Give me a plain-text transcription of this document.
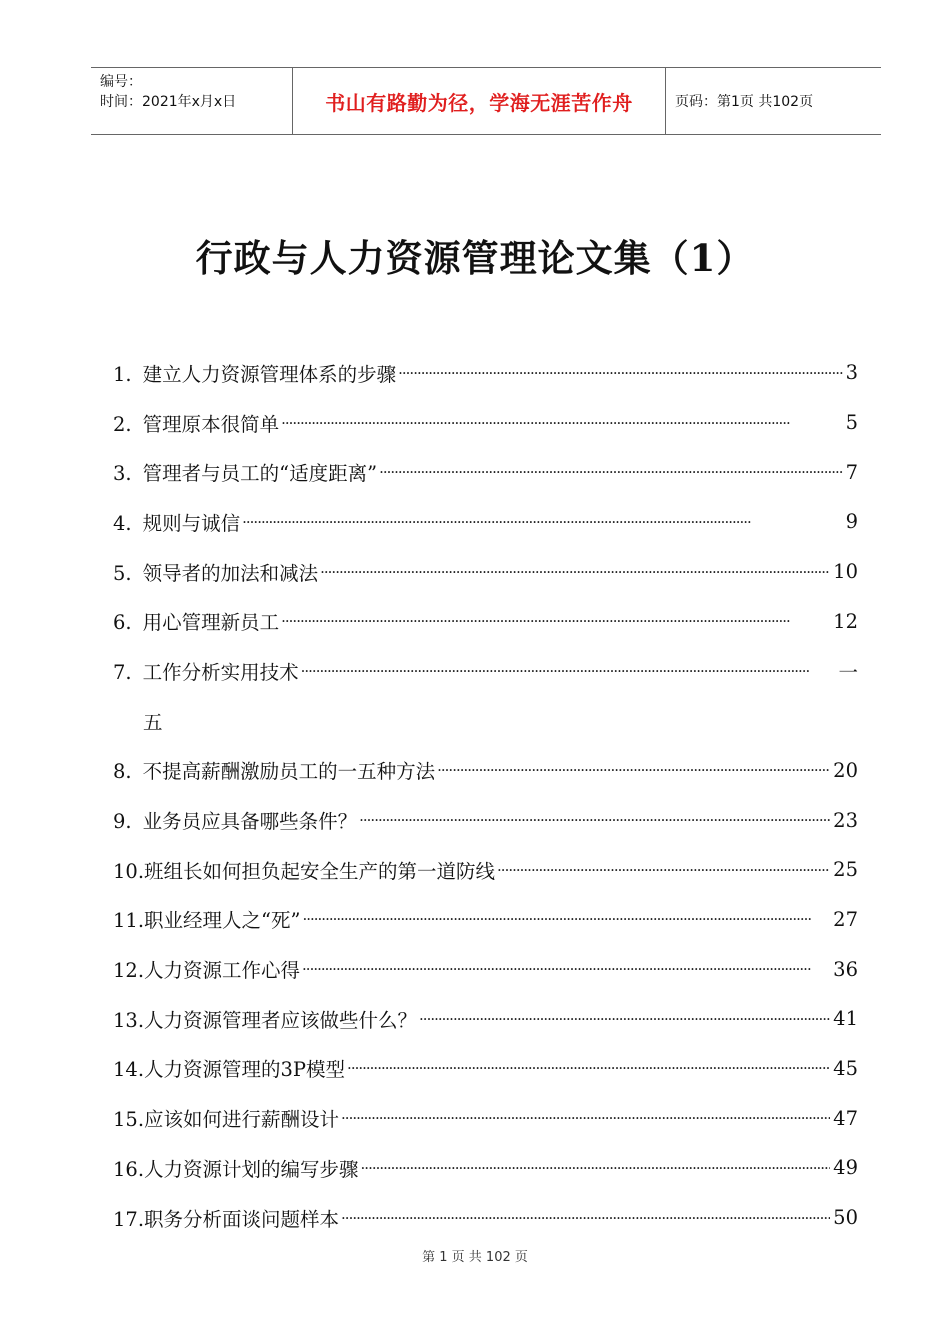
编号：
时间：2021年x月x日	书山有路勤为径，学海无涯苦作舟	页码：第1页 共102页
行政与人力资源管理论文集（1）
1. 建立人力资源管理体系的步骤 ·····	3
2. 管理原本很简单 ·····	5
3. 管理者与员工的“适度距离” ·····	7
4. 规则与诚信 ·····	9
5. 领导者的加法和减法 ·····	10
6. 用心管理新员工 ·····	12
7. 工作分析实用技术 ·····	一
五
8. 不提高薪酬激励员工的一五种方法 ·····	20
9. 业务员应具备哪些条件？ ·····	23
10.班组长如何担负起安全生产的第一道防线 ·····	25
11.职业经理人之“死” ·····	27
12.人力资源工作心得 ·····	36
13.人力资源管理者应该做些什么？ ·····	41
14.人力资源管理的3P模型 ·····	45
15.应该如何进行薪酬设计 ·····	47
16.人力资源计划的编写步骤 ·····	49
17.职务分析面谈问题样本 ·····	50
第 1 页 共 102 页
